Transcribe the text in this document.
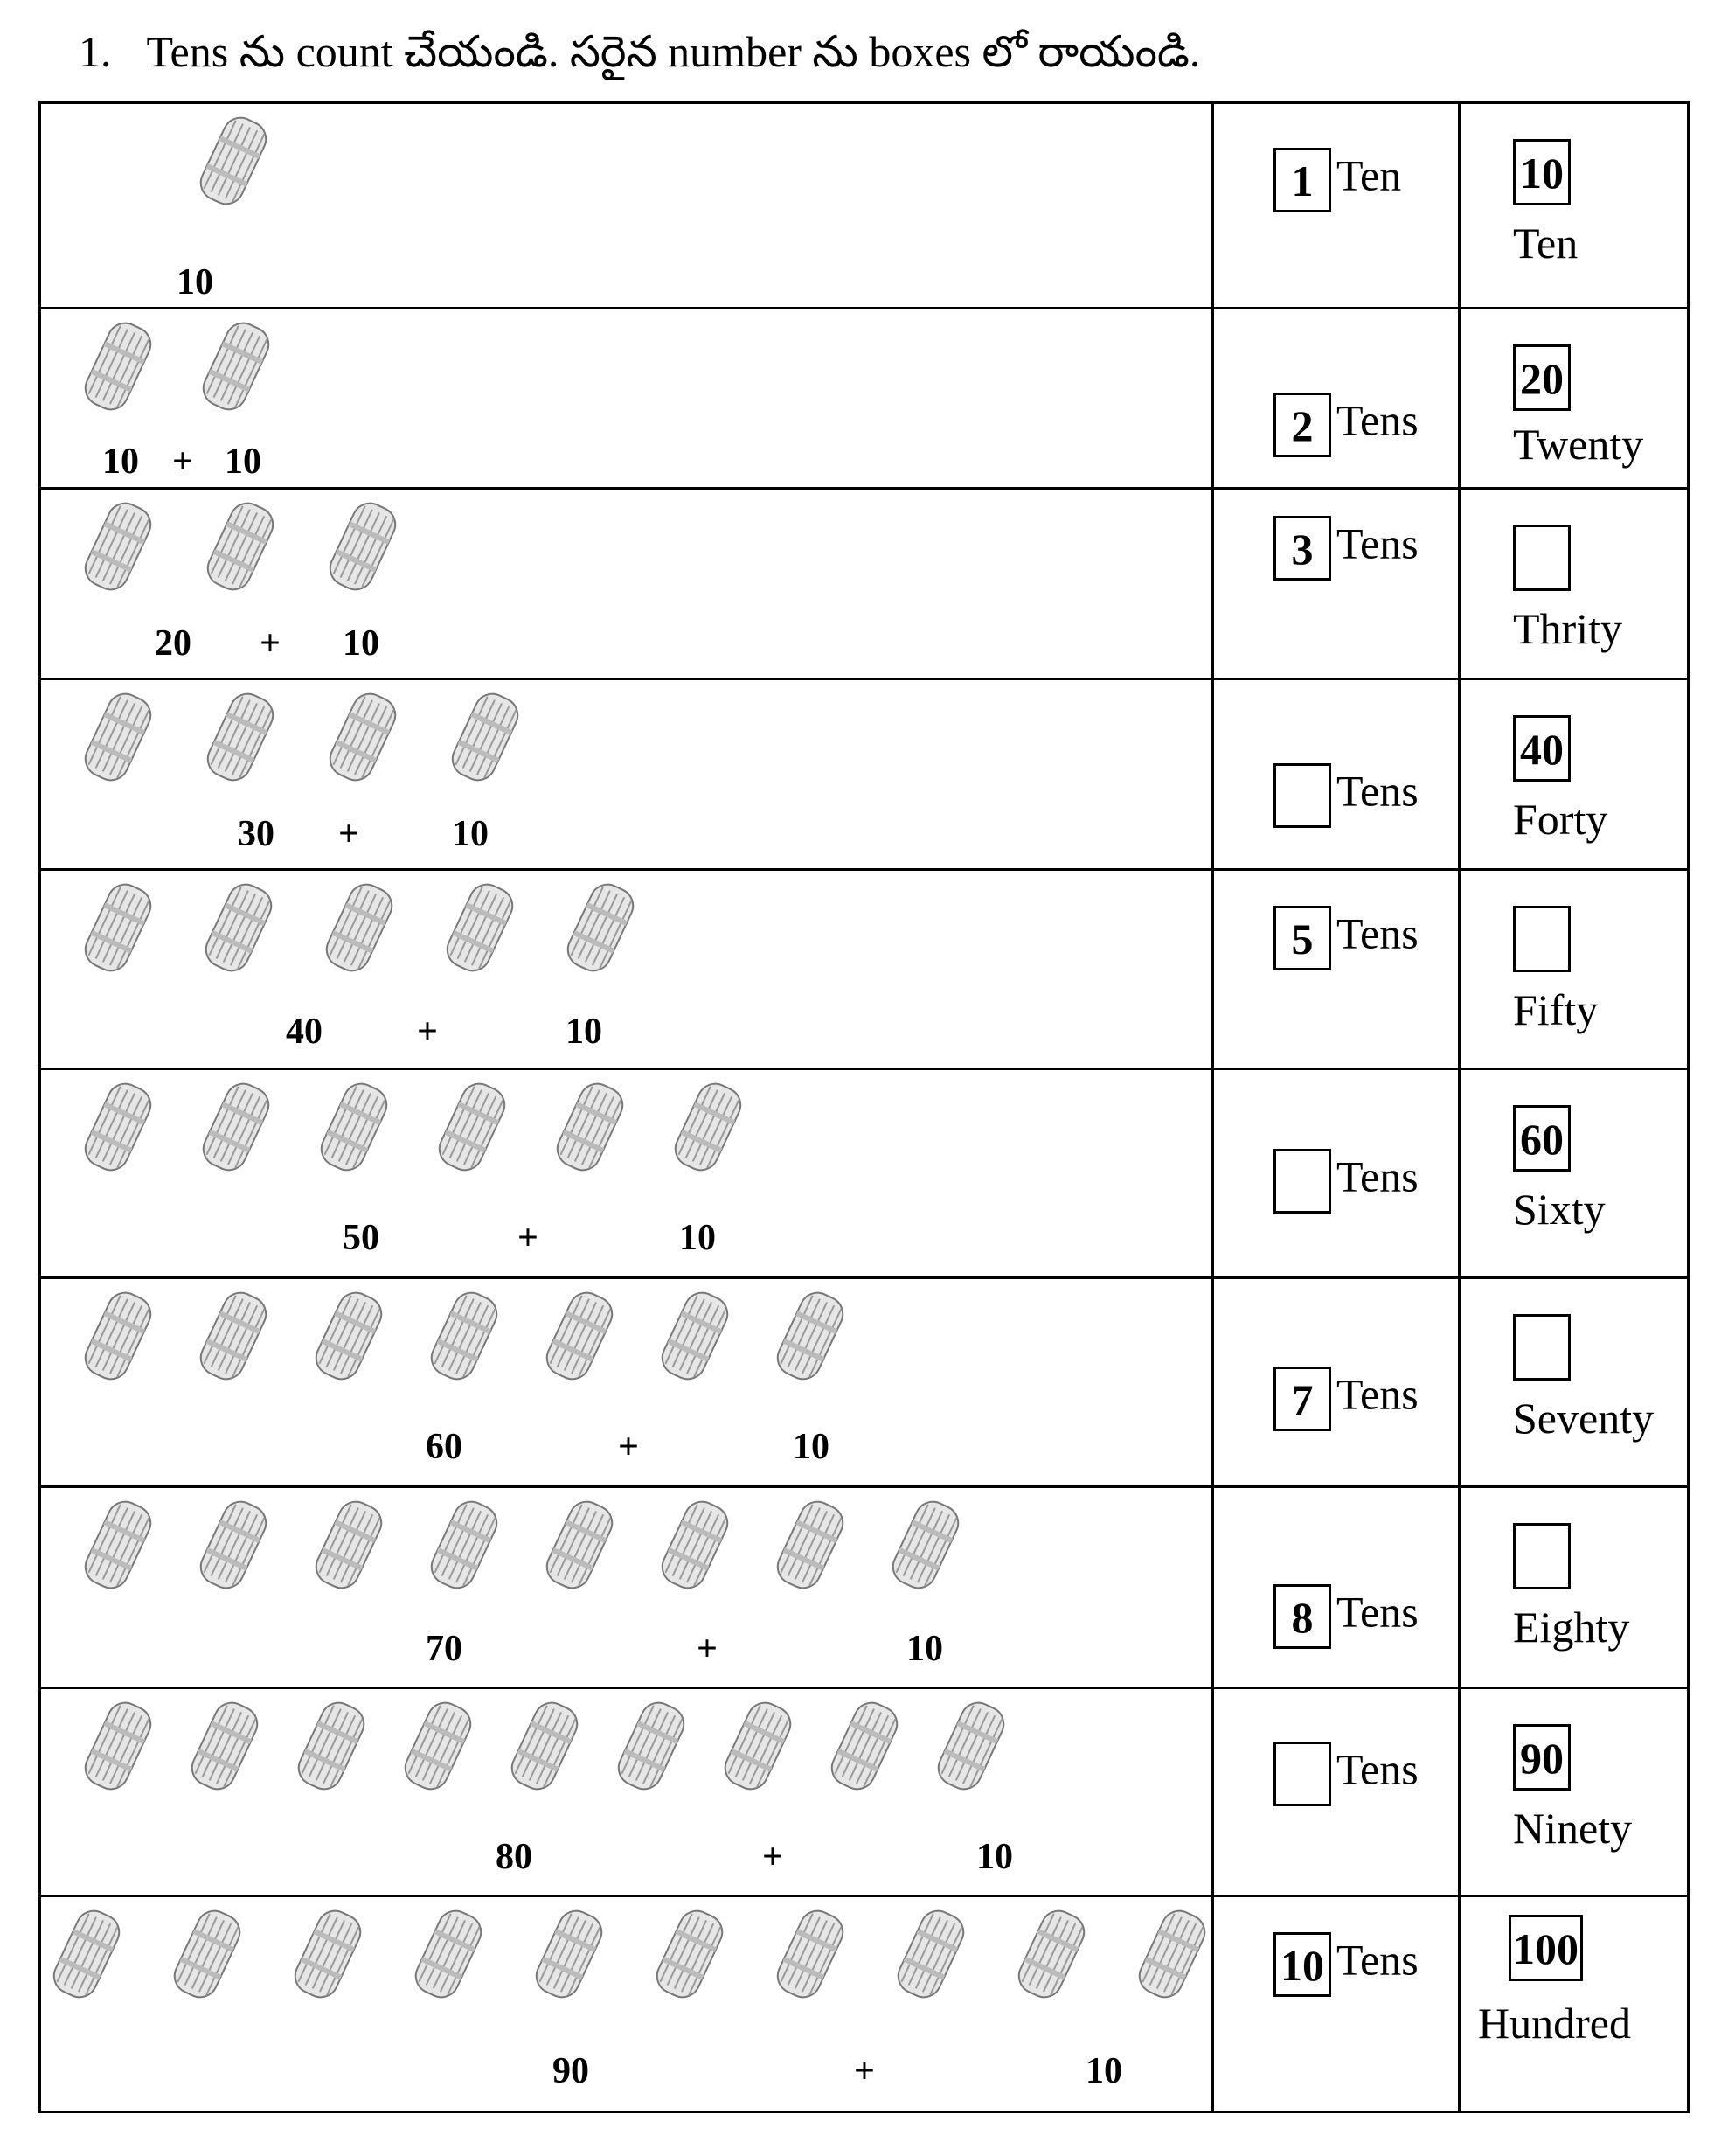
1. Tens ను count చేయండి. సరైన number ను boxes లో రాయండి.
10	1 Ten	10
Ten

10 + 10	2 Tens	20
Twenty

20 + 10	3 Tens	Thrity

30 + 10	Tens	40
Forty

40 + 10	5 Tens	Fifty

50 + 10	Tens	60
Sixty

60 + 10	7 Tens	Seventy

70 + 10	8 Tens	Eighty

80 + 10	Tens	90
Ninety

90 + 10	10 Tens	100
Hundred
